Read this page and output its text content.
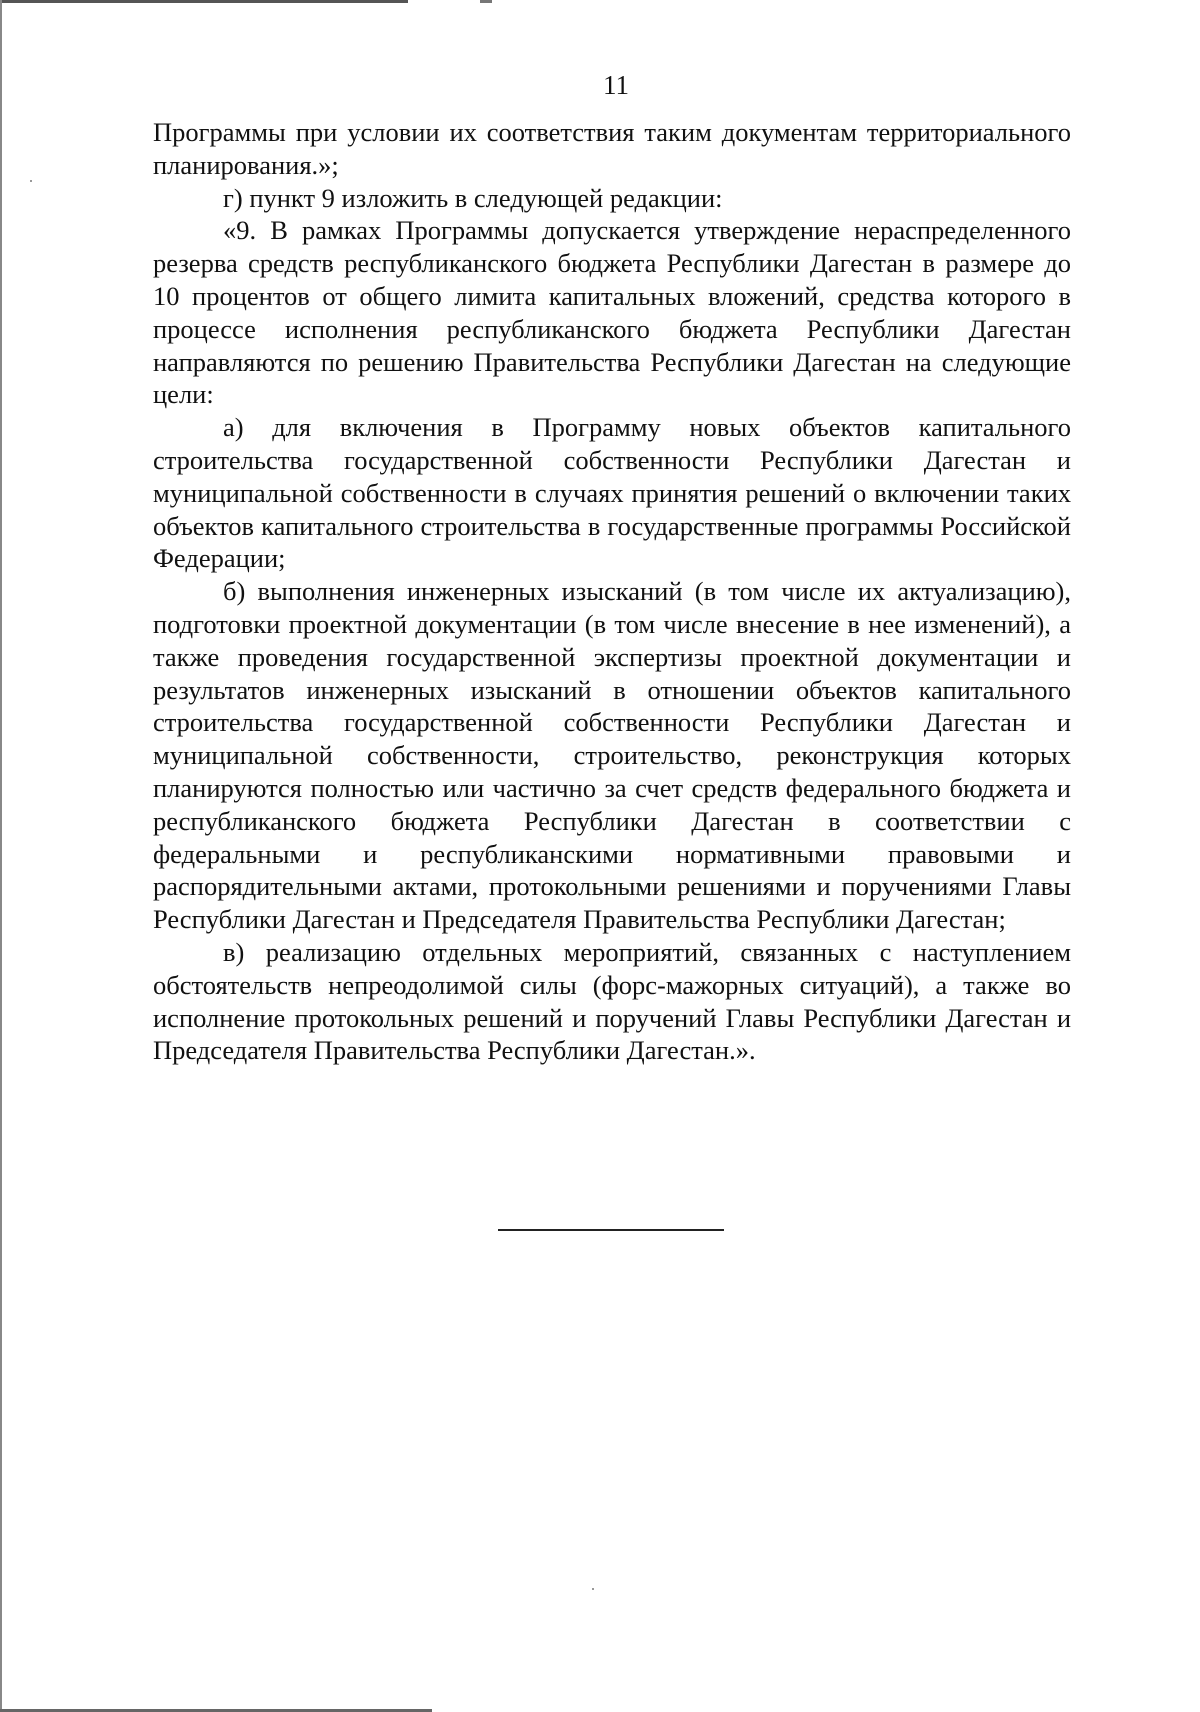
11

Программы при условии их соответствия таким документам территориального планирования.»;

г) пункт 9 изложить в следующей редакции:

«9. В рамках Программы допускается утверждение нераспределенного резерва средств республиканского бюджета Республики Дагестан в размере до 10 процентов от общего лимита капитальных вложений, средства которого в процессе исполнения республиканского бюджета Республики Дагестан направляются по решению Правительства Республики Дагестан на следующие цели:

а) для включения в Программу новых объектов капитального строительства государственной собственности Республики Дагестан и муниципальной собственности в случаях принятия решений о включении таких объектов капитального строительства в государственные программы Российской Федерации;

б) выполнения инженерных изысканий (в том числе их актуализацию), подготовки проектной документации (в том числе внесение в нее изменений), а также проведения государственной экспертизы проектной документации и результатов инженерных изысканий в отношении объектов капитального строительства государственной собственности Республики Дагестан и муниципальной собственности, строительство, реконструкция которых планируются полностью или частично за счет средств федерального бюджета и республиканского бюджета Республики Дагестан в соответствии с федеральными и республиканскими нормативными правовыми и распорядительными актами, протокольными решениями и поручениями Главы Республики Дагестан и Председателя Правительства Республики Дагестан;

в) реализацию отдельных мероприятий, связанных с наступлением обстоятельств непреодолимой силы (форс-мажорных ситуаций), а также во исполнение протокольных решений и поручений Главы Республики Дагестан и Председателя Правительства Республики Дагестан.».
